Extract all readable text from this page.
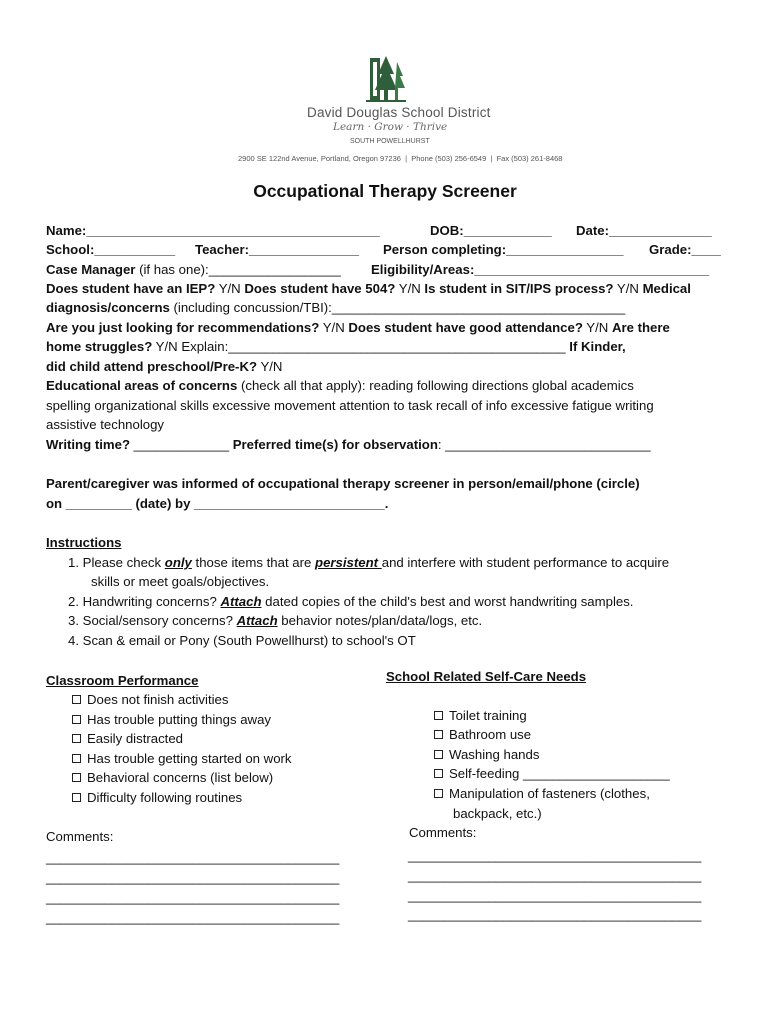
David Douglas School District
Learn · Grow · Thrive
SOUTH POWELLHURST
2900 SE 122nd Avenue, Portland, Oregon 97236  |  Phone (503) 256-6549  |  Fax (503) 261-8468
Occupational Therapy Screener
Name:________________________________________	DOB:____________ Date:______________
School:___________ Teacher:_______________ Person completing:________________ Grade:____
Case Manager (if has one):__________________ Eligibility/Areas:________________________________
Does student have an IEP? Y/N Does student have 504? Y/N Is student in SIT/IPS process? Y/N Medical
diagnosis/concerns (including concussion/TBI):________________________________________
Are you just looking for recommendations? Y/N Does student have good attendance? Y/N Are there
home struggles? Y/N Explain:______________________________________________ If Kinder,
did child attend preschool/Pre-K? Y/N
Educational areas of concerns (check all that apply): reading following directions global academics
spelling organizational skills excessive movement attention to task recall of info excessive fatigue writing
assistive technology
Writing time? _____________ Preferred time(s) for observation: ____________________________
Parent/caregiver was informed of occupational therapy screener in person/email/phone (circle)
on _________ (date) by __________________________.
Instructions
1. Please check only those items that are persistent and interfere with student performance to acquire
skills or meet goals/objectives.
2. Handwriting concerns? Attach dated copies of the child's best and worst handwriting samples.
3. Social/sensory concerns? Attach behavior notes/plan/data/logs, etc.
4. Scan & email or Pony (South Powellhurst) to school's OT
Classroom Performance
Does not finish activities
Has trouble putting things away
Easily distracted
Has trouble getting started on work
Behavioral concerns (list below)
Difficulty following routines
Comments:
________________________________________
________________________________________
________________________________________
________________________________________
School Related Self-Care Needs
Toilet training
Bathroom use
Washing hands
Self-feeding ____________________
Manipulation of fasteners (clothes,
backpack, etc.)
Comments:
________________________________________
________________________________________
________________________________________
________________________________________
